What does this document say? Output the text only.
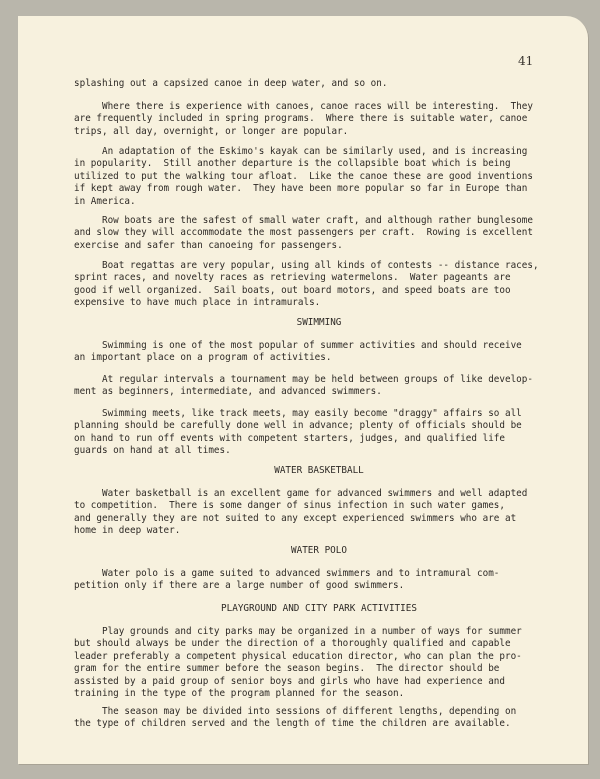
41

splashing out a capsized canoe in deep water, and so on.

Where there is experience with canoes, canoe races will be interesting.  They
are frequently included in spring programs.  Where there is suitable water, canoe
trips, all day, overnight, or longer are popular.

An adaptation of the Eskimo's kayak can be similarly used, and is increasing
in popularity.  Still another departure is the collapsible boat which is being
utilized to put the walking tour afloat.  Like the canoe these are good inventions
if kept away from rough water.  They have been more popular so far in Europe than
in America.

Row boats are the safest of small water craft, and although rather bunglesome
and slow they will accommodate the most passengers per craft.  Rowing is excellent
exercise and safer than canoeing for passengers.

Boat regattas are very popular, using all kinds of contests -- distance races,
sprint races, and novelty races as retrieving watermelons.  Water pageants are
good if well organized.  Sail boats, out board motors, and speed boats are too
expensive to have much place in intramurals.

SWIMMING

Swimming is one of the most popular of summer activities and should receive
an important place on a program of activities.

At regular intervals a tournament may be held between groups of like develop-
ment as beginners, intermediate, and advanced swimmers.

Swimming meets, like track meets, may easily become "draggy" affairs so all
planning should be carefully done well in advance; plenty of officials should be
on hand to run off events with competent starters, judges, and qualified life
guards on hand at all times.

WATER BASKETBALL

Water basketball is an excellent game for advanced swimmers and well adapted
to competition.  There is some danger of sinus infection in such water games,
and generally they are not suited to any except experienced swimmers who are at
home in deep water.

WATER POLO

Water polo is a game suited to advanced swimmers and to intramural com-
petition only if there are a large number of good swimmers.

PLAYGROUND AND CITY PARK ACTIVITIES

Play grounds and city parks may be organized in a number of ways for summer
but should always be under the direction of a thoroughly qualified and capable
leader preferably a competent physical education director, who can plan the pro-
gram for the entire summer before the season begins.  The director should be
assisted by a paid group of senior boys and girls who have had experience and
training in the type of the program planned for the season.

The season may be divided into sessions of different lengths, depending on
the type of children served and the length of time the children are available.
